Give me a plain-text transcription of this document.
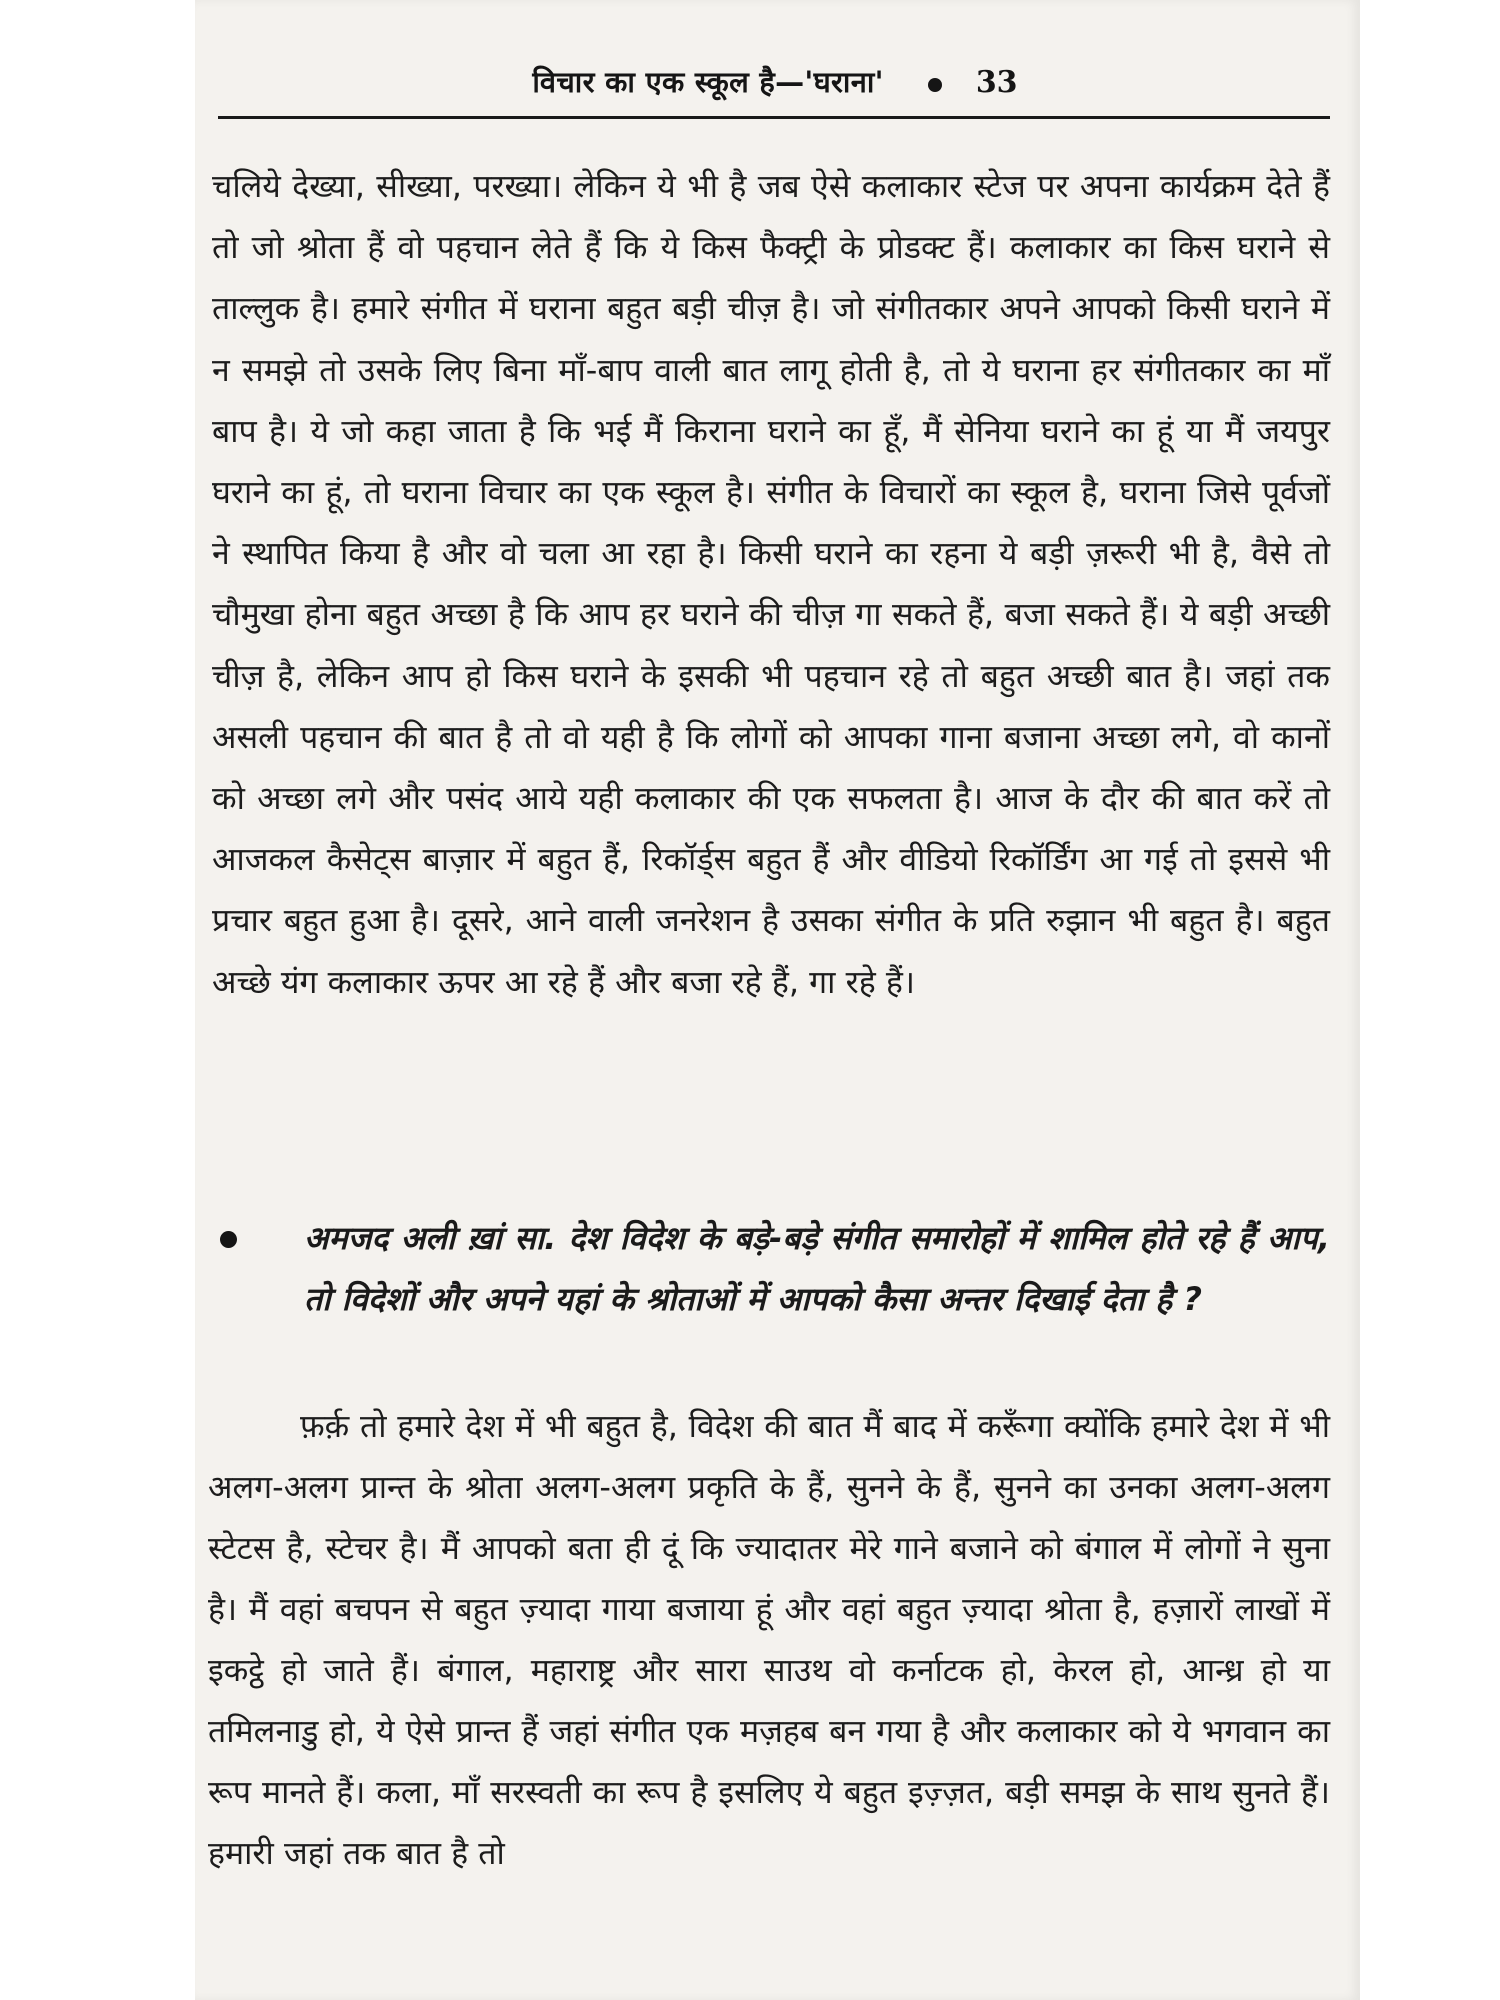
विचार का एक स्कूल है—'घराना'	33

चलिये देख्या, सीख्या, परख्या। लेकिन ये भी है जब ऐसे कलाकार स्टेज पर अपना कार्यक्रम देते हैं तो जो श्रोता हैं वो पहचान लेते हैं कि ये किस फैक्ट्री के प्रोडक्ट हैं। कलाकार का किस घराने से ताल्लुक है। हमारे संगीत में घराना बहुत बड़ी चीज़ है। जो संगीतकार अपने आपको किसी घराने में न समझे तो उसके लिए बिना माँ-बाप वाली बात लागू होती है, तो ये घराना हर संगीतकार का माँ बाप है। ये जो कहा जाता है कि भई मैं किराना घराने का हूँ, मैं सेनिया घराने का हूं या मैं जयपुर घराने का हूं, तो घराना विचार का एक स्कूल है। संगीत के विचारों का स्कूल है, घराना जिसे पूर्वजों ने स्थापित किया है और वो चला आ रहा है। किसी घराने का रहना ये बड़ी ज़रूरी भी है, वैसे तो चौमुखा होना बहुत अच्छा है कि आप हर घराने की चीज़ गा सकते हैं, बजा सकते हैं। ये बड़ी अच्छी चीज़ है, लेकिन आप हो किस घराने के इसकी भी पहचान रहे तो बहुत अच्छी बात है। जहां तक असली पहचान की बात है तो वो यही है कि लोगों को आपका गाना बजाना अच्छा लगे, वो कानों को अच्छा लगे और पसंद आये यही कलाकार की एक सफलता है। आज के दौर की बात करें तो आजकल कैसेट्स बाज़ार में बहुत हैं, रिकॉर्ड्स बहुत हैं और वीडियो रिकॉर्डिंग आ गई तो इससे भी प्रचार बहुत हुआ है। दूसरे, आने वाली जनरेशन है उसका संगीत के प्रति रुझान भी बहुत है। बहुत अच्छे यंग कलाकार ऊपर आ रहे हैं और बजा रहे हैं, गा रहे हैं।

अमजद अली ख़ां सा. देश विदेश के बड़े-बड़े संगीत समारोहों में शामिल होते रहे हैं आप, तो विदेशों और अपने यहां के श्रोताओं में आपको कैसा अन्तर दिखाई देता है ?

फ़र्क़ तो हमारे देश में भी बहुत है, विदेश की बात मैं बाद में करूँगा क्योंकि हमारे देश में भी अलग-अलग प्रान्त के श्रोता अलग-अलग प्रकृति के हैं, सुनने के हैं, सुनने का उनका अलग-अलग स्टेटस है, स्टेचर है। मैं आपको बता ही दूं कि ज्यादातर मेरे गाने बजाने को बंगाल में लोगों ने सुना है। मैं वहां बचपन से बहुत ज़्यादा गाया बजाया हूं और वहां बहुत ज़्यादा श्रोता है, हज़ारों लाखों में इकट्ठे हो जाते हैं। बंगाल, महाराष्ट्र और सारा साउथ वो कर्नाटक हो, केरल हो, आन्ध्र हो या तमिलनाडु हो, ये ऐसे प्रान्त हैं जहां संगीत एक मज़हब बन गया है और कलाकार को ये भगवान का रूप मानते हैं। कला, माँ सरस्वती का रूप है इसलिए ये बहुत इज़्ज़त, बड़ी समझ के साथ सुनते हैं। हमारी जहां तक बात है तो
